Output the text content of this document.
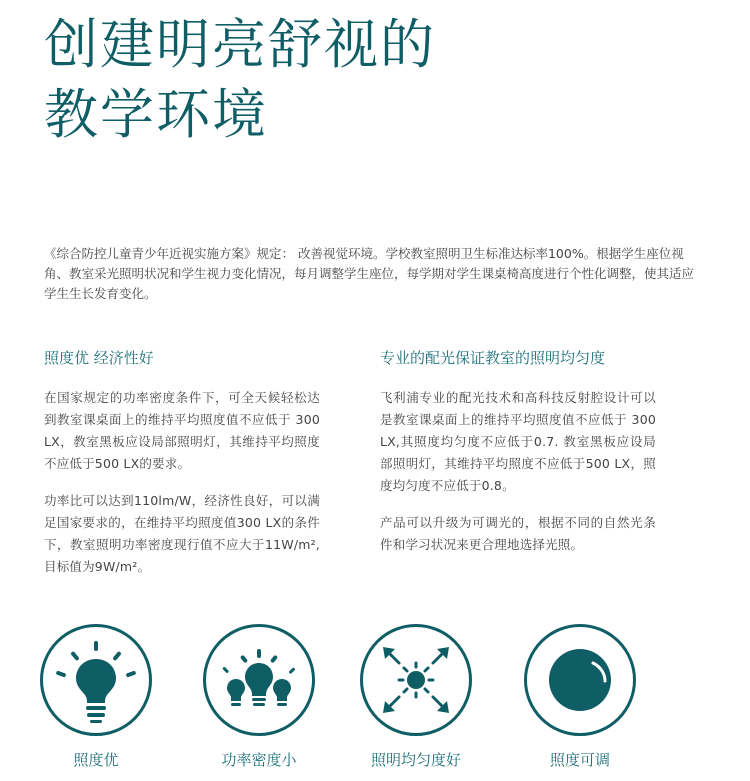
创建明亮舒视的
教学环境

《综合防控儿童青少年近视实施方案》规定： 改善视觉环境。学校教室照明卫生标准达标率100%。根据学生座位视角、教室采光照明状况和学生视力变化情况，每月调整学生座位，每学期对学生课桌椅高度进行个性化调整，使其适应学生生长发育变化。

照度优 经济性好

在国家规定的功率密度条件下，可全天候轻松达到教室课桌面上的维持平均照度值不应低于 300 LX，教室黑板应设局部照明灯，其维持平均照度不应低于500 LX的要求。

功率比可以达到110lm/W，经济性良好，可以满足国家要求的，在维持平均照度值300 LX的条件下，教室照明功率密度现行值不应大于11W/m²,目标值为9W/m²。

专业的配光保证教室的照明均匀度

飞利浦专业的配光技术和高科技反射腔设计可以是教室课桌面上的维持平均照度值不应低于 300 LX,其照度均匀度不应低于0.7. 教室黑板应设局部照明灯，其维持平均照度不应低于500 LX，照度均匀度不应低于0.8。

产品可以升级为可调光的，根据不同的自然光条件和学习状况来更合理地选择光照。

照度优	功率密度小	照明均匀度好	照度可调
